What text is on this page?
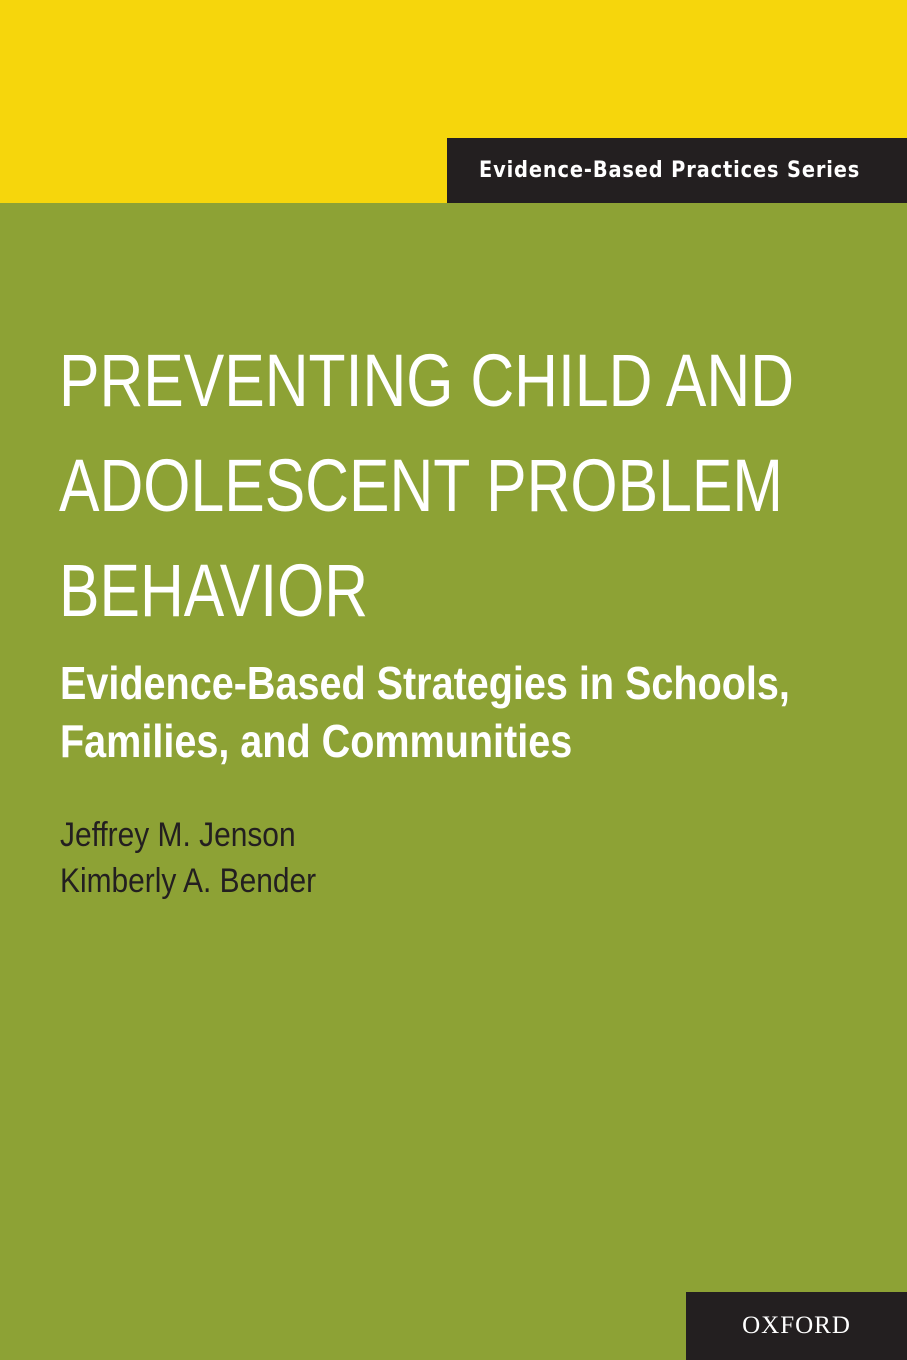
Evidence-Based Practices Series
PREVENTING CHILD AND
ADOLESCENT PROBLEM
BEHAVIOR
Evidence-Based Strategies in Schools,
Families, and Communities
Jeffrey M. Jenson
Kimberly A. Bender
OXFORD
